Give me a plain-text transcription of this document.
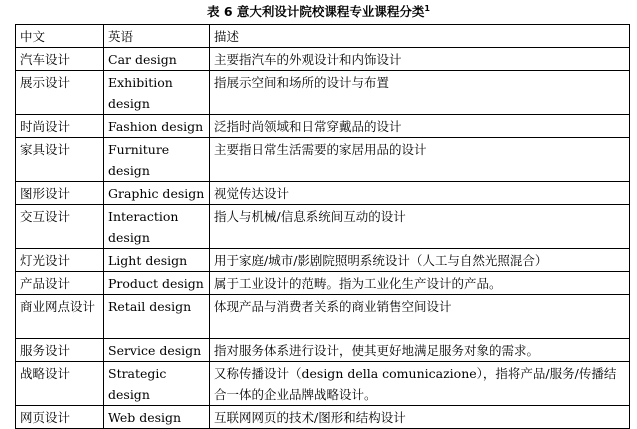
表 6 意大利设计院校课程专业课程分类$^1$
中文	英语	描述
汽车设计	Car design	主要指汽车的外观设计和内饰设计
展示设计	Exhibition design	指展示空间和场所的设计与布置
时尚设计	Fashion design	泛指时尚领域和日常穿戴品的设计
家具设计	Furniture design	主要指日常生活需要的家居用品的设计
图形设计	Graphic design	视觉传达设计
交互设计	Interaction design	指人与机械/信息系统间互动的设计
灯光设计	Light design	用于家庭/城市/影剧院照明系统设计（人工与自然光照混合）
产品设计	Product design	属于工业设计的范畴。指为工业化生产设计的产品。
商业网点设计	Retail design	体现产品与消费者关系的商业销售空间设计
服务设计	Service design	指对服务体系进行设计，使其更好地满足服务对象的需求。
战略设计	Strategic design	又称传播设计（design della comunicazione），指将产品/服务/传播结合一体的企业品牌战略设计。
网页设计	Web design	互联网网页的技术/图形和结构设计
